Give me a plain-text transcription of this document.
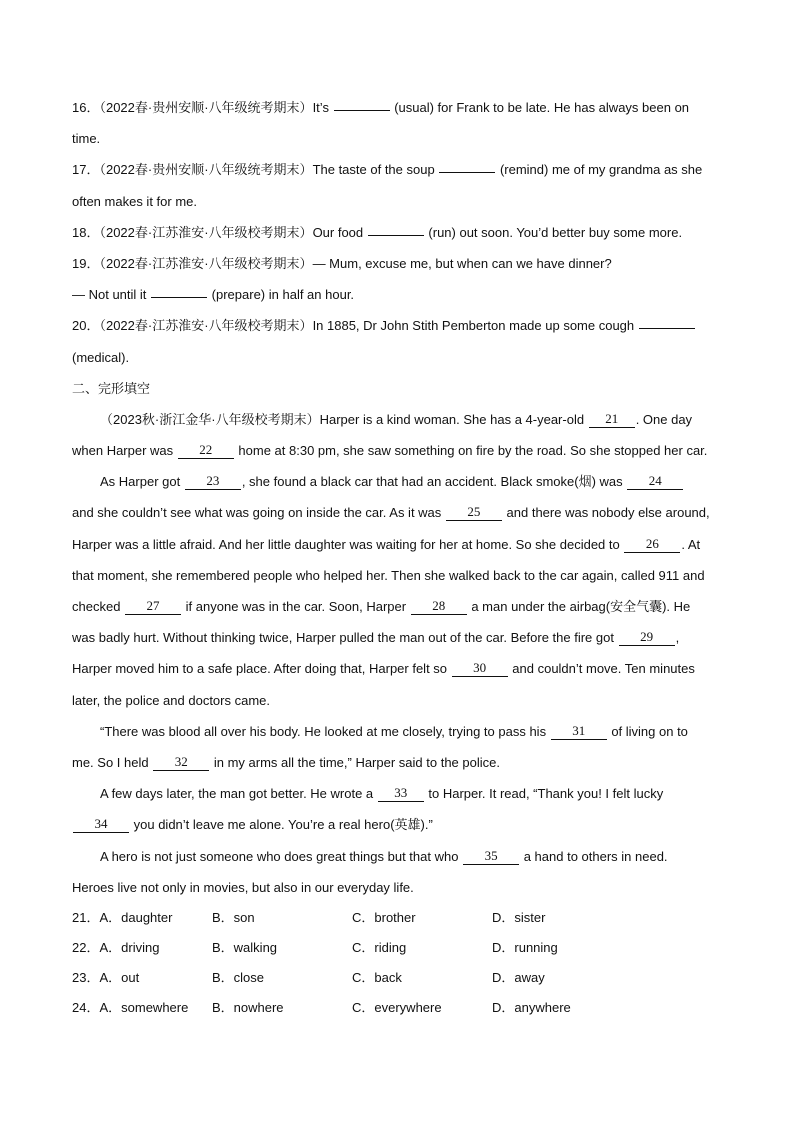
16．（2022春·贵州安顺·八年级统考期末）It’s	(usual) for Frank to be late. He has always been on
time.
17．（2022春·贵州安顺·八年级统考期末）The taste of the soup	(remind) me of my grandma as she
often makes it for me.
18．（2022春·江苏淮安·八年级校考期末）Our food	(run) out soon. You’d better buy some more.
19．（2022春·江苏淮安·八年级校考期末）— Mum, excuse me, but when can we have dinner?
— Not until it	(prepare) in half an hour.
20．（2022春·江苏淮安·八年级校考期末）In 1885, Dr John Stith Pemberton made up some cough
(medical).
二、完形填空
（2023秋·浙江金华·八年级校考期末）Harper is a kind woman. She has a 4-year-old 21 . One day
when Harper was 22 home at 8:30 pm, she saw something on fire by the road. So she stopped her car.
As Harper got 23 , she found a black car that had an accident. Black smoke(烟) was 24
and she couldn’t see what was going on inside the car. As it was 25 and there was nobody else around,
Harper was a little afraid. And her little daughter was waiting for her at home. So she decided to 26 . At
that moment, she remembered people who helped her. Then she walked back to the car again, called 911 and
checked 27 if anyone was in the car. Soon, Harper 28 a man under the airbag(安全气囊). He
was badly hurt. Without thinking twice, Harper pulled the man out of the car. Before the fire got 29 ,
Harper moved him to a safe place. After doing that, Harper felt so 30 and couldn’t move. Ten minutes
later, the police and doctors came.
“There was blood all over his body. He looked at me closely, trying to pass his 31 of living on to
me. So I held 32 in my arms all the time,” Harper said to the police.
A few days later, the man got better. He wrote a 33 to Harper. It read, “Thank you! I felt lucky
34 you didn’t leave me alone. You’re a real hero(英雄).”
A hero is not just someone who does great things but that who 35 a hand to others in need.
Heroes live not only in movies, but also in our everyday life.
21．A．daughter	B．son	C．brother	D．sister
22．A．driving	B．walking	C．riding	D．running
23．A．out	B．close	C．back	D．away
24．A．somewhere B．nowhere	C．everywhere	D．anywhere
